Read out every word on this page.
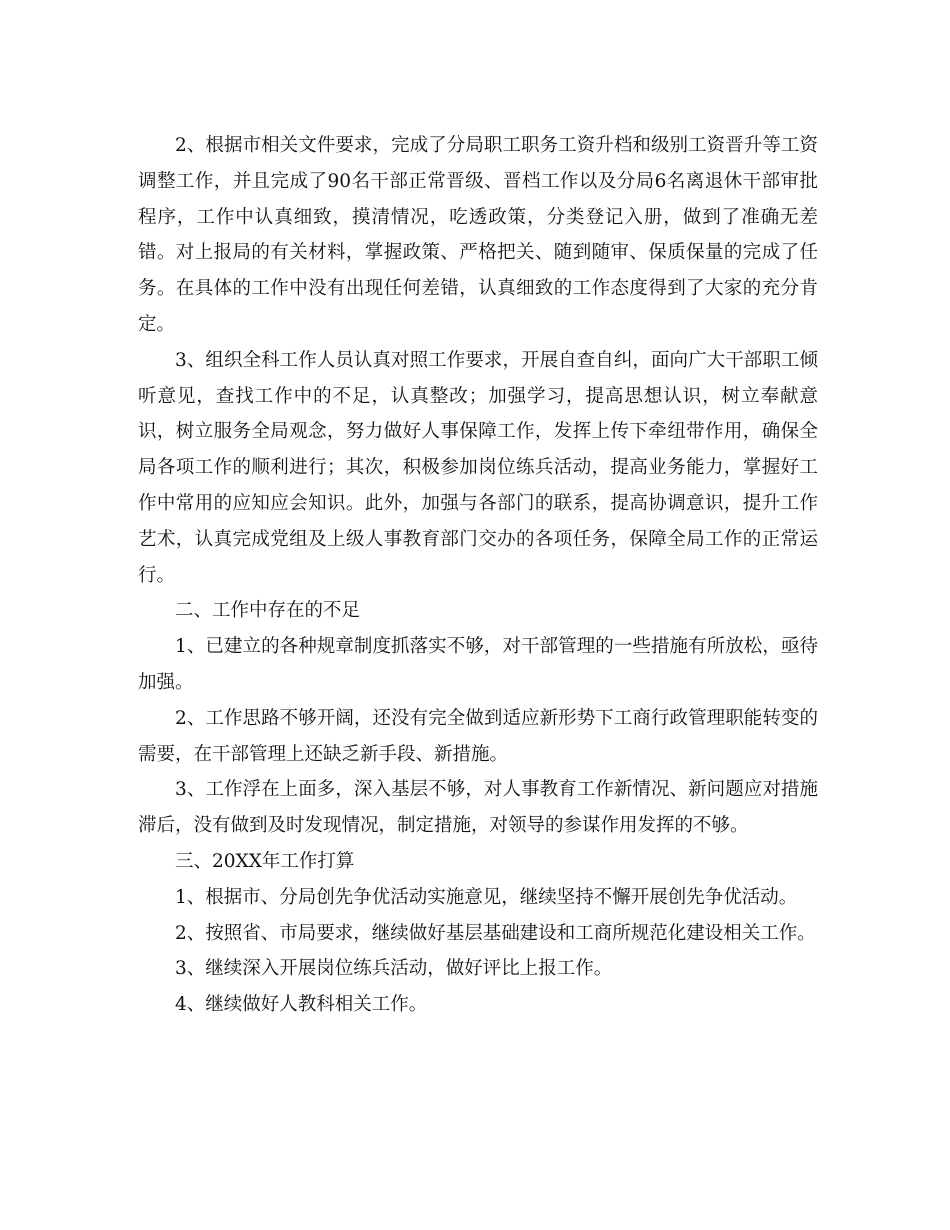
2、根据市相关文件要求，完成了分局职工职务工资升档和级别工资晋升等工资调整工作，并且完成了90名干部正常晋级、晋档工作以及分局6名离退休干部审批程序，工作中认真细致，摸清情况，吃透政策，分类登记入册，做到了准确无差错。对上报局的有关材料，掌握政策、严格把关、随到随审、保质保量的完成了任务。在具体的工作中没有出现任何差错，认真细致的工作态度得到了大家的充分肯定。

3、组织全科工作人员认真对照工作要求，开展自查自纠，面向广大干部职工倾听意见，查找工作中的不足，认真整改；加强学习，提高思想认识，树立奉献意识，树立服务全局观念，努力做好人事保障工作，发挥上传下牵纽带作用，确保全局各项工作的顺利进行；其次，积极参加岗位练兵活动，提高业务能力，掌握好工作中常用的应知应会知识。此外，加强与各部门的联系，提高协调意识，提升工作艺术，认真完成党组及上级人事教育部门交办的各项任务，保障全局工作的正常运行。

二、工作中存在的不足

1、已建立的各种规章制度抓落实不够，对干部管理的一些措施有所放松，亟待加强。

2、工作思路不够开阔，还没有完全做到适应新形势下工商行政管理职能转变的需要，在干部管理上还缺乏新手段、新措施。

3、工作浮在上面多，深入基层不够，对人事教育工作新情况、新问题应对措施滞后，没有做到及时发现情况，制定措施，对领导的参谋作用发挥的不够。

三、20XX年工作打算

1、根据市、分局创先争优活动实施意见，继续坚持不懈开展创先争优活动。

2、按照省、市局要求，继续做好基层基础建设和工商所规范化建设相关工作。

3、继续深入开展岗位练兵活动，做好评比上报工作。

4、继续做好人教科相关工作。
